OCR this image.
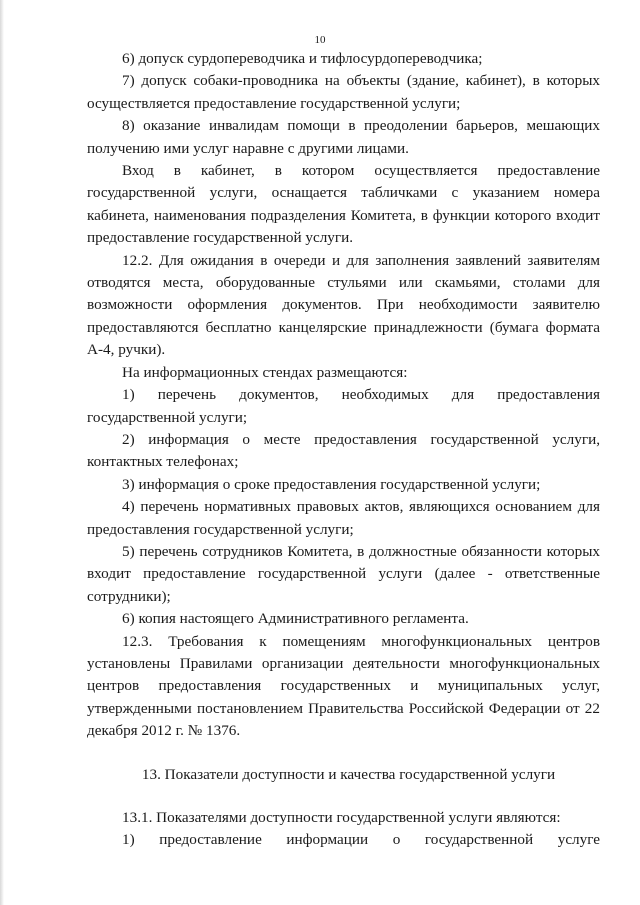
10

6) допуск сурдопереводчика и тифлосурдопереводчика;

7) допуск собаки-проводника на объекты (здание, кабинет), в которых осуществляется предоставление государственной услуги;

8) оказание инвалидам помощи в преодолении барьеров, мешающих получению ими услуг наравне с другими лицами.

Вход в кабинет, в котором осуществляется предоставление государственной услуги, оснащается табличками с указанием номера кабинета, наименования подразделения Комитета, в функции которого входит предоставление государственной услуги.

12.2. Для ожидания в очереди и для заполнения заявлений заявителям отводятся места, оборудованные стульями или скамьями, столами для возможности оформления документов. При необходимости заявителю предоставляются бесплатно канцелярские принадлежности (бумага формата А-4, ручки).

На информационных стендах размещаются:

1) перечень документов, необходимых для предоставления государственной услуги;

2) информация о месте предоставления государственной услуги, контактных телефонах;

3) информация о сроке предоставления государственной услуги;

4) перечень нормативных правовых актов, являющихся основанием для предоставления государственной услуги;

5) перечень сотрудников Комитета, в должностные обязанности которых входит предоставление государственной услуги (далее - ответственные сотрудники);

6) копия настоящего Административного регламента.

12.3. Требования к помещениям многофункциональных центров установлены Правилами организации деятельности многофункциональных центров предоставления государственных и муниципальных услуг, утвержденными постановлением Правительства Российской Федерации от 22 декабря 2012 г. № 1376.

13. Показатели доступности и качества государственной услуги

13.1. Показателями доступности государственной услуги являются:

1) предоставление информации о государственной услуге
